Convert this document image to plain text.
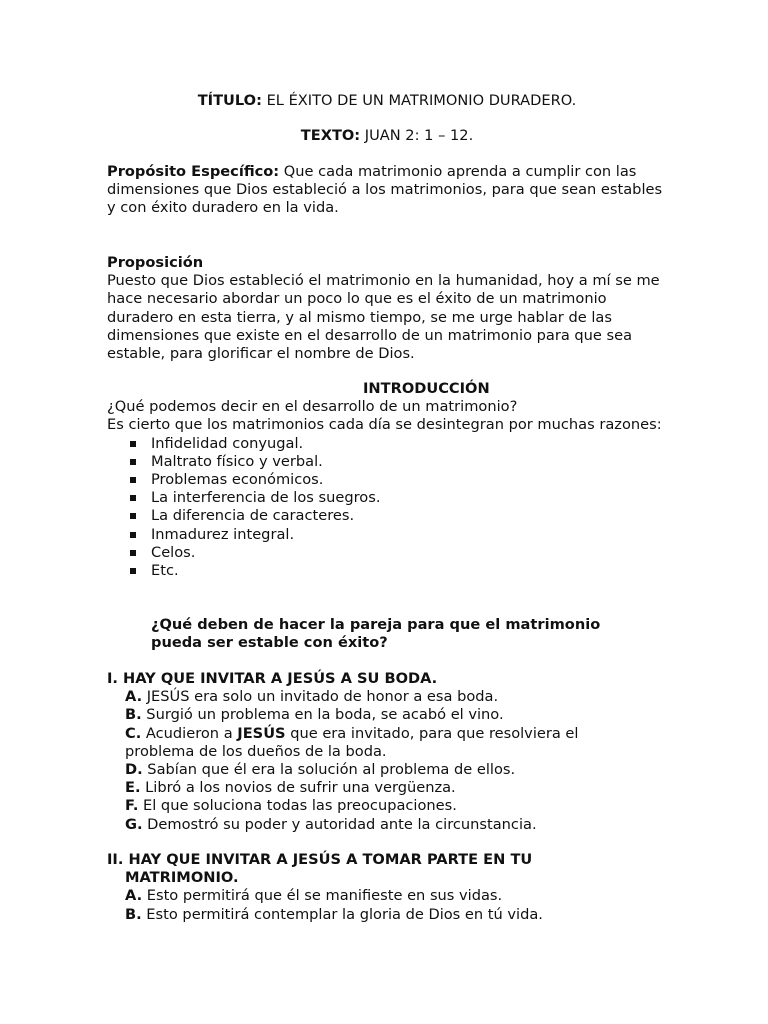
TÍTULO: EL ÉXITO DE UN MATRIMONIO DURADERO.
TEXTO: JUAN 2: 1 – 12.
Propósito Específico: Que cada matrimonio aprenda a cumplir con las dimensiones que Dios estableció a los matrimonios, para que sean estables y con éxito duradero en la vida.
Proposición
Puesto que Dios estableció el matrimonio en la humanidad, hoy a mí se me hace necesario abordar un poco lo que es el éxito de un matrimonio duradero en esta tierra, y al mismo tiempo, se me urge hablar de las dimensiones que existe en el desarrollo de un matrimonio para que sea estable, para glorificar el nombre de Dios.
INTRODUCCIÓN
¿Qué podemos decir en el desarrollo de un matrimonio?
Es cierto que los matrimonios cada día se desintegran por muchas razones:
Infidelidad conyugal.
Maltrato físico y verbal.
Problemas económicos.
La interferencia de los suegros.
La diferencia de caracteres.
Inmadurez integral.
Celos.
Etc.
¿Qué deben de hacer la pareja para que el matrimonio pueda ser estable con éxito?
I. HAY QUE INVITAR A JESÚS A SU BODA.
A. JESÚS era solo un invitado de honor a esa boda.
B. Surgió un problema en la boda, se acabó el vino.
C. Acudieron a JESÚS que era invitado, para que resolviera el
problema de los dueños de la boda.
D. Sabían que él era la solución al problema de ellos.
E. Libró a los novios de sufrir una vergüenza.
F. El que soluciona todas las preocupaciones.
G. Demostró su poder y autoridad ante la circunstancia.
II. HAY QUE INVITAR A JESÚS A TOMAR PARTE EN TU
MATRIMONIO.
A. Esto permitirá que él se manifieste en sus vidas.
B. Esto permitirá contemplar la gloria de Dios en tú vida.
